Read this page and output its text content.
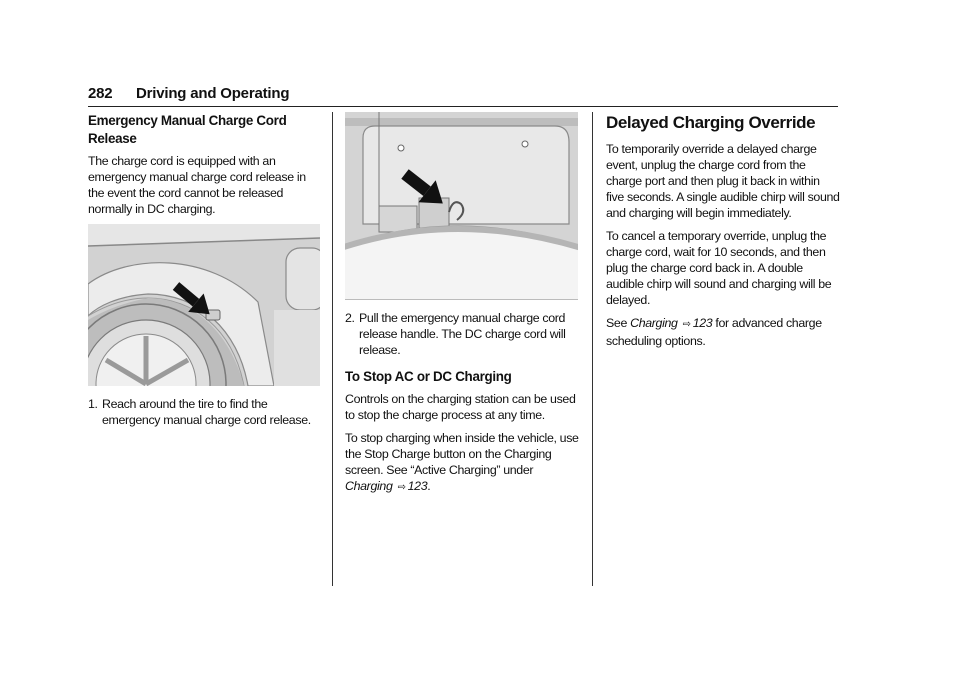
282 Driving and Operating
Emergency Manual Charge Cord Release

The charge cord is equipped with an emergency manual charge cord release in the event the cord cannot be released normally in DC charging.

1. Reach around the tire to find the emergency manual charge cord release.
2. Pull the emergency manual charge cord release handle. The DC charge cord will release.
To Stop AC or DC Charging

Controls on the charging station can be used to stop the charge process at any time.

To stop charging when inside the vehicle, use the Stop Charge button on the Charging screen. See “Active Charging” under Charging ⇨ 123.

Delayed Charging Override

To temporarily override a delayed charge event, unplug the charge cord from the charge port and then plug it back in within five seconds. A single audible chirp will sound and charging will begin immediately.

To cancel a temporary override, unplug the charge cord, wait for 10 seconds, and then plug the charge cord back in. A double audible chirp will sound and charging will be delayed.

See Charging ⇨ 123 for advanced charge scheduling options.
